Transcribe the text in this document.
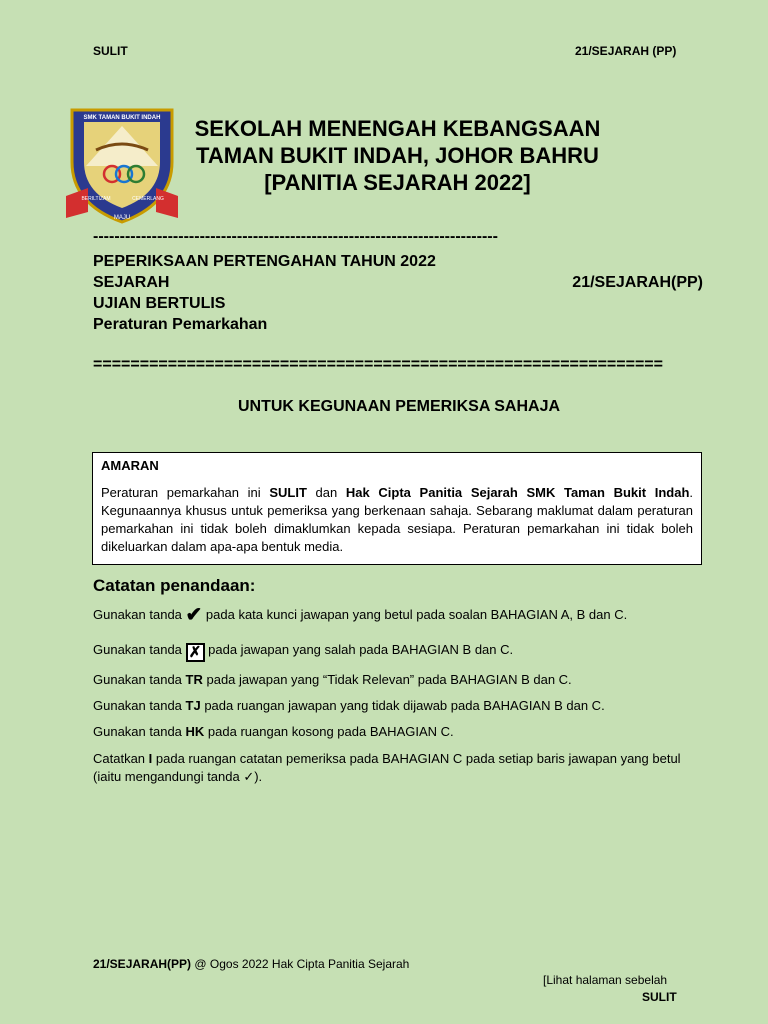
SULIT	21/SEJARAH (PP)
SMK TAMAN BUKIT INDAH
BERILTIZAM	CEMERLANG
MAJU
SEKOLAH MENENGAH KEBANGSAAN
TAMAN BUKIT INDAH, JOHOR BAHRU
[PANITIA SEJARAH 2022]
----------------------------------------------------------------------------
PEPERIKSAAN PERTENGAHAN TAHUN 2022
SEJARAH	21/SEJARAH(PP)
UJIAN BERTULIS
Peraturan Pemarkahan
=============================================================
UNTUK KEGUNAAN PEMERIKSA SAHAJA
AMARAN
Peraturan pemarkahan ini SULIT dan Hak Cipta Panitia Sejarah SMK Taman Bukit Indah. Kegunaannya khusus untuk pemeriksa yang berkenaan sahaja. Sebarang maklumat dalam peraturan pemarkahan ini tidak boleh dimaklumkan kepada sesiapa. Peraturan pemarkahan ini tidak boleh dikeluarkan dalam apa-apa bentuk media.
Catatan penandaan:
Gunakan tanda ✔ pada kata kunci jawapan yang betul pada soalan BAHAGIAN A, B dan C.
Gunakan tanda ✗ pada jawapan yang salah pada BAHAGIAN B dan C.
Gunakan tanda TR pada jawapan yang “Tidak Relevan” pada BAHAGIAN B dan C.
Gunakan tanda TJ pada ruangan jawapan yang tidak dijawab pada BAHAGIAN B dan C.
Gunakan tanda HK pada ruangan kosong pada BAHAGIAN C.
Catatkan I pada ruangan catatan pemeriksa pada BAHAGIAN C pada setiap baris jawapan yang betul (iaitu mengandungi tanda ✓).
21/SEJARAH(PP) @ Ogos 2022 Hak Cipta Panitia Sejarah
[Lihat halaman sebelah
SULIT
